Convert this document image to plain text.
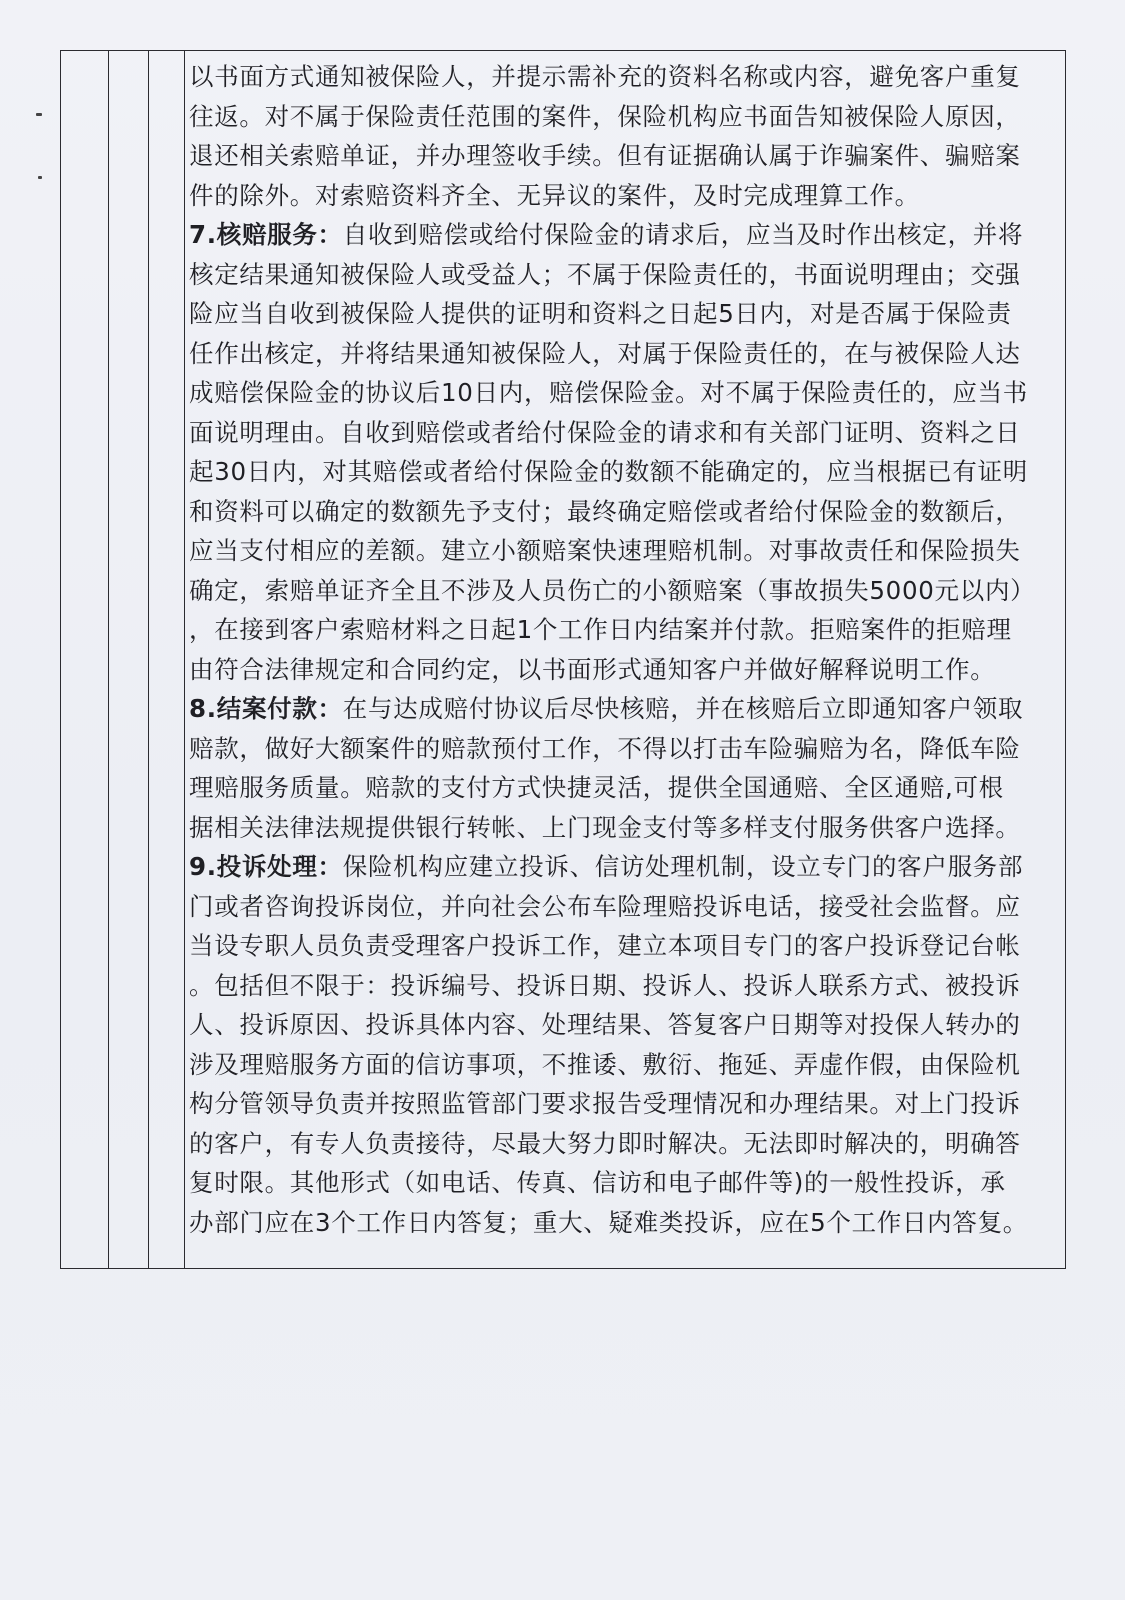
以书面方式通知被保险人，并提示需补充的资料名称或内容，避免客户重复
往返。对不属于保险责任范围的案件，保险机构应书面告知被保险人原因，
退还相关索赔单证，并办理签收手续。但有证据确认属于诈骗案件、骗赔案
件的除外。对索赔资料齐全、无异议的案件，及时完成理算工作。
7.核赔服务：自收到赔偿或给付保险金的请求后，应当及时作出核定，并将
核定结果通知被保险人或受益人；不属于保险责任的，书面说明理由；交强
险应当自收到被保险人提供的证明和资料之日起5日内，对是否属于保险责
任作出核定，并将结果通知被保险人，对属于保险责任的，在与被保险人达
成赔偿保险金的协议后10日内，赔偿保险金。对不属于保险责任的，应当书
面说明理由。自收到赔偿或者给付保险金的请求和有关部门证明、资料之日
起30日内，对其赔偿或者给付保险金的数额不能确定的，应当根据已有证明
和资料可以确定的数额先予支付；最终确定赔偿或者给付保险金的数额后，
应当支付相应的差额。建立小额赔案快速理赔机制。对事故责任和保险损失
确定，索赔单证齐全且不涉及人员伤亡的小额赔案（事故损失5000元以内）
，在接到客户索赔材料之日起1个工作日内结案并付款。拒赔案件的拒赔理
由符合法律规定和合同约定，以书面形式通知客户并做好解释说明工作。
8.结案付款：在与达成赔付协议后尽快核赔，并在核赔后立即通知客户领取
赔款，做好大额案件的赔款预付工作，不得以打击车险骗赔为名，降低车险
理赔服务质量。赔款的支付方式快捷灵活，提供全国通赔、全区通赔,可根
据相关法律法规提供银行转帐、上门现金支付等多样支付服务供客户选择。
9.投诉处理：保险机构应建立投诉、信访处理机制，设立专门的客户服务部
门或者咨询投诉岗位，并向社会公布车险理赔投诉电话，接受社会监督。应
当设专职人员负责受理客户投诉工作，建立本项目专门的客户投诉登记台帐
。包括但不限于：投诉编号、投诉日期、投诉人、投诉人联系方式、被投诉
人、投诉原因、投诉具体内容、处理结果、答复客户日期等对投保人转办的
涉及理赔服务方面的信访事项，不推诿、敷衍、拖延、弄虚作假，由保险机
构分管领导负责并按照监管部门要求报告受理情况和办理结果。对上门投诉
的客户，有专人负责接待，尽最大努力即时解决。无法即时解决的，明确答
复时限。其他形式（如电话、传真、信访和电子邮件等)的一般性投诉，承
办部门应在3个工作日内答复；重大、疑难类投诉，应在5个工作日内答复。
